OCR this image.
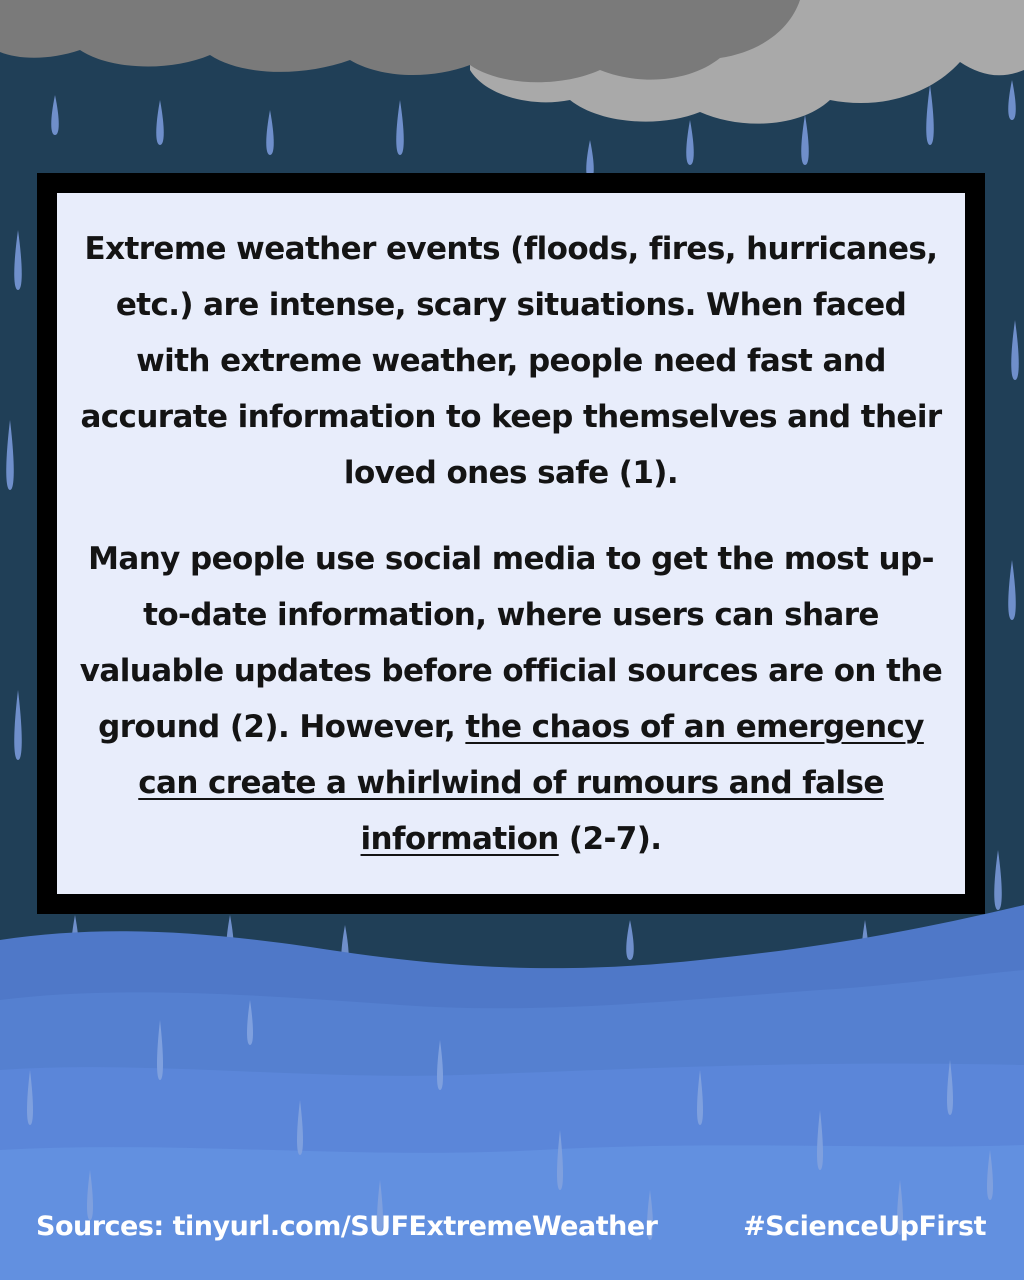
Extreme weather events (floods, fires, hurricanes, etc.) are intense, scary situations. When faced with extreme weather, people need fast and accurate information to keep themselves and their loved ones safe (1).

Many people use social media to get the most up-to-date information, where users can share valuable updates before official sources are on the ground (2). However, the chaos of an emergency can create a whirlwind of rumours and false information (2-7).

Sources: tinyurl.com/SUFExtremeWeather	#ScienceUpFirst
